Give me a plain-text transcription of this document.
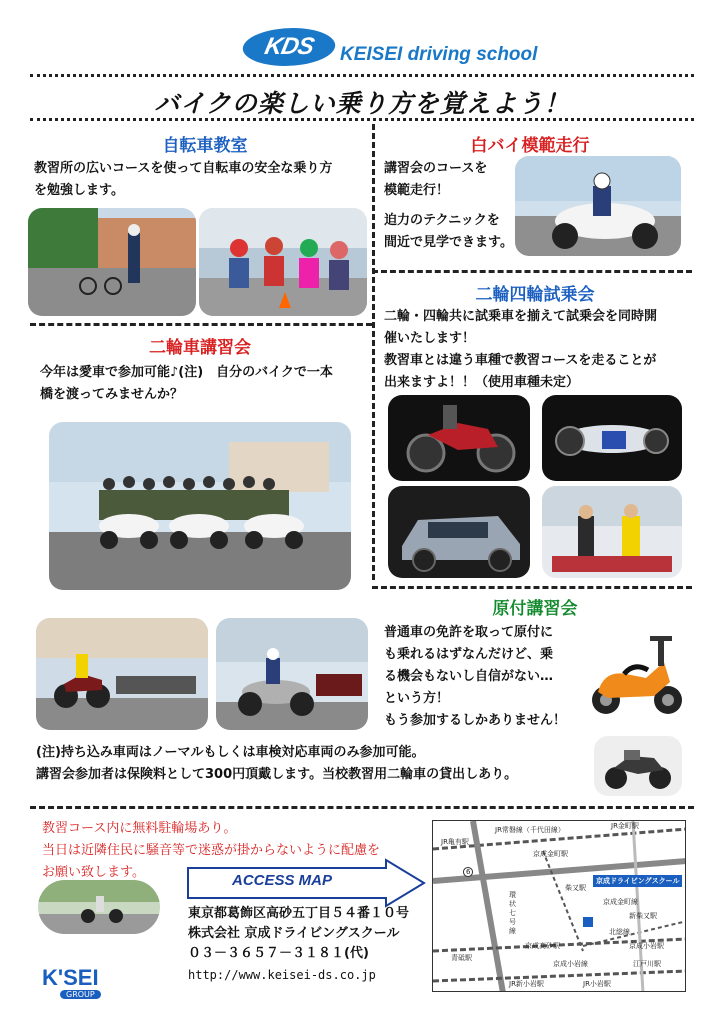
KDS KEISEI driving school
バイクの楽しい乗り方を覚えよう！
自転車教室
教習所の広いコースを使って自転車の安全な乗り方
を勉強します。
白バイ模範走行
講習会のコースを
模範走行！
迫力のテクニックを
間近で見学できます。
二輪四輪試乗会
二輪・四輪共に試乗車を揃えて試乗会を同時開
催いたします！
教習車とは違う車種で教習コースを走ることが
出来ますよ！！（使用車種未定）
二輪車講習会
今年は愛車で参加可能♪(注)　自分のバイクで一本
橋を渡ってみませんか？
原付講習会
普通車の免許を取って原付に
も乗れるはずなんだけど、乗
る機会もないし自信がない…
という方！
もう参加するしかありません！
(注)持ち込み車両はノーマルもしくは車検対応車両のみ参加可能。
講習会参加者は保険料として300円頂戴します。当校教習用二輪車の貸出しあり。
教習コース内に無料駐輪場あり。
当日は近隣住民に騒音等で迷惑が掛からないように配慮を
お願い致します。
K'SEI
GROUP
ACCESS MAP
東京都葛飾区高砂五丁目５４番１０号
株式会社 京成ドライビングスクール
０３－３６５７－３１８１(代)
http://www.keisei-ds.co.jp
JR亀有駅
JR常磐線（千代田線）	JR金町駅
京成金町駅
6
柴又駅
京成ドライビングスクール
京成金町線
環状七号線
新柴又駅
北総線
青砥駅
京成高砂駅	京成小岩駅
京成小岩線	江戸川駅
JR新小岩駅	JR小岩駅
